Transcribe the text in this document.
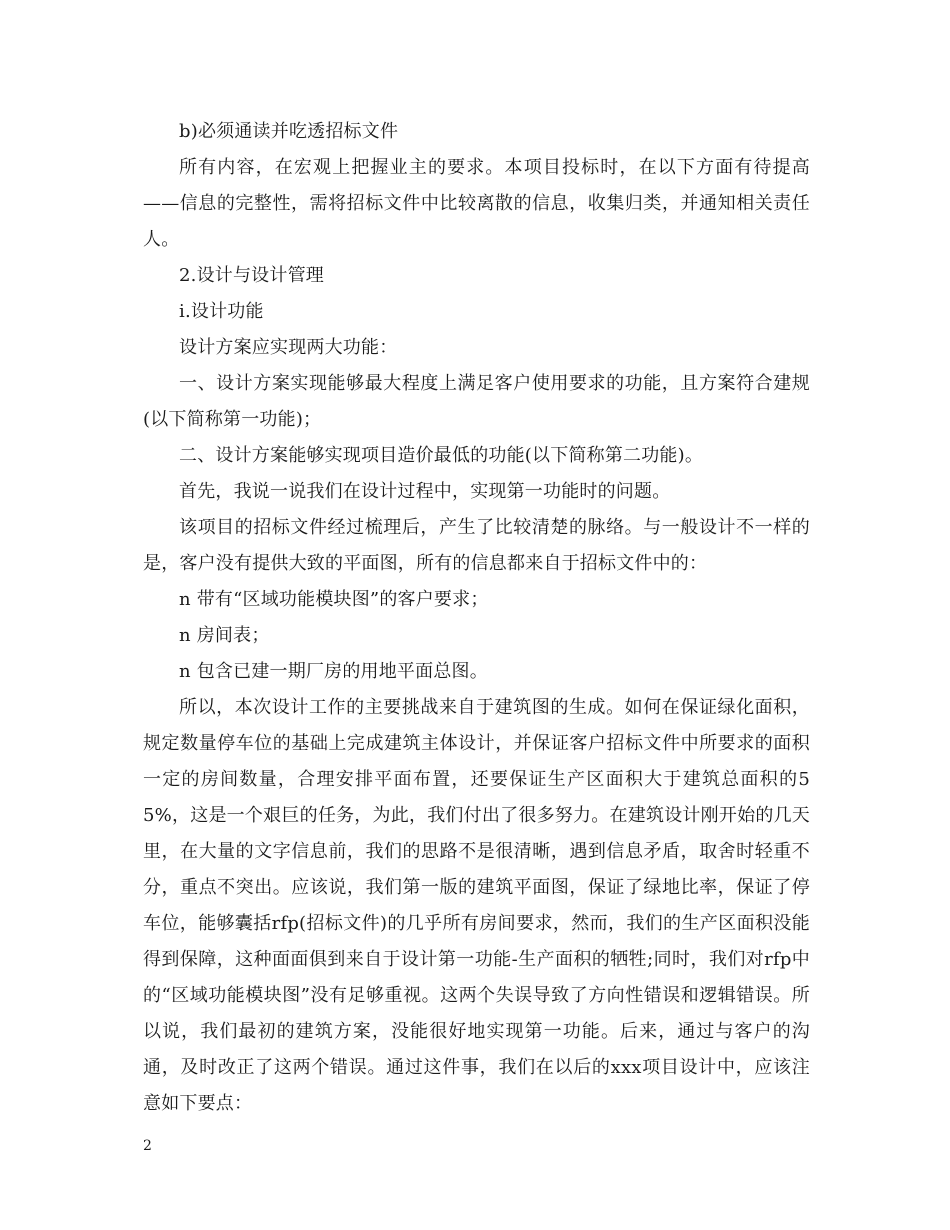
b)必须通读并吃透招标文件

所有内容，在宏观上把握业主的要求。本项目投标时，在以下方面有待提高——信息的完整性，需将招标文件中比较离散的信息，收集归类，并通知相关责任人。

2.设计与设计管理

i.设计功能

设计方案应实现两大功能：

一、设计方案实现能够最大程度上满足客户使用要求的功能，且方案符合建规(以下简称第一功能)；

二、设计方案能够实现项目造价最低的功能(以下简称第二功能)。

首先，我说一说我们在设计过程中，实现第一功能时的问题。

该项目的招标文件经过梳理后，产生了比较清楚的脉络。与一般设计不一样的是，客户没有提供大致的平面图，所有的信息都来自于招标文件中的：

n 带有“区域功能模块图”的客户要求；

n 房间表；

n 包含已建一期厂房的用地平面总图。

所以，本次设计工作的主要挑战来自于建筑图的生成。如何在保证绿化面积，规定数量停车位的基础上完成建筑主体设计，并保证客户招标文件中所要求的面积一定的房间数量，合理安排平面布置，还要保证生产区面积大于建筑总面积的55%，这是一个艰巨的任务，为此，我们付出了很多努力。在建筑设计刚开始的几天里，在大量的文字信息前，我们的思路不是很清晰，遇到信息矛盾，取舍时轻重不分，重点不突出。应该说，我们第一版的建筑平面图，保证了绿地比率，保证了停车位，能够囊括rfp(招标文件)的几乎所有房间要求，然而，我们的生产区面积没能得到保障，这种面面俱到来自于设计第一功能-生产面积的牺牲;同时，我们对rfp中的“区域功能模块图”没有足够重视。这两个失误导致了方向性错误和逻辑错误。所以说，我们最初的建筑方案，没能很好地实现第一功能。后来，通过与客户的沟通，及时改正了这两个错误。通过这件事，我们在以后的xxx项目设计中，应该注意如下要点：

2
